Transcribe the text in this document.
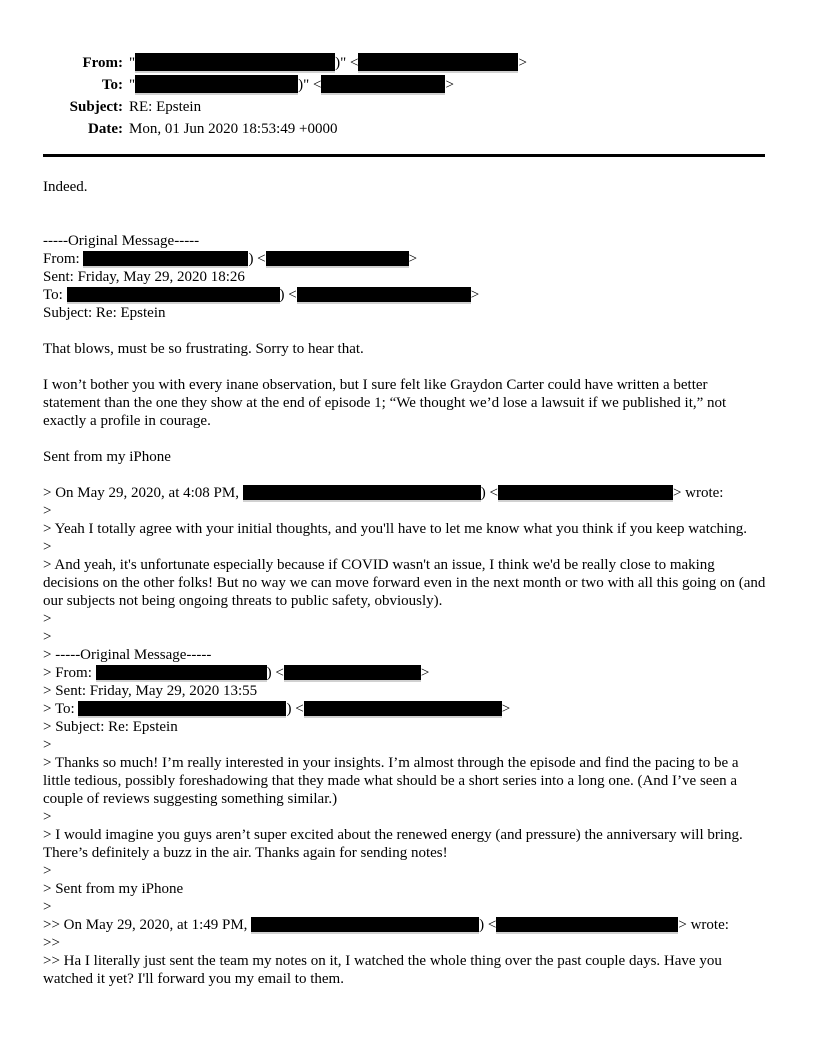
From: "	)" <	>
To: "	)" <	>
Subject: RE: Epstein
Date: Mon, 01 Jun 2020 18:53:49 +0000
Indeed.
-----Original Message-----
From:	) <	>
Sent: Friday, May 29, 2020 18:26
To:	) <	>
Subject: Re: Epstein
That blows, must be so frustrating. Sorry to hear that.
I won’t bother you with every inane observation, but I sure felt like Graydon Carter could have written a better statement than the one they show at the end of episode 1; “We thought we’d lose a lawsuit if we published it,” not exactly a profile in courage.
Sent from my iPhone
> On May 29, 2020, at 4:08 PM,	) <	> wrote:
>
> Yeah I totally agree with your initial thoughts, and you'll have to let me know what you think if you keep watching.
>
> And yeah, it's unfortunate especially because if COVID wasn't an issue, I think we'd be really close to making decisions on the other folks! But no way we can move forward even in the next month or two with all this going on (and our subjects not being ongoing threats to public safety, obviously).
>
>
> -----Original Message-----
> From:	) <	>
> Sent: Friday, May 29, 2020 13:55
> To:	) <	>
> Subject: Re: Epstein
>
> Thanks so much! I’m really interested in your insights. I’m almost through the episode and find the pacing to be a little tedious, possibly foreshadowing that they made what should be a short series into a long one. (And I’ve seen a couple of reviews suggesting something similar.)
>
> I would imagine you guys aren’t super excited about the renewed energy (and pressure) the anniversary will bring. There’s definitely a buzz in the air. Thanks again for sending notes!
>
> Sent from my iPhone
>
>> On May 29, 2020, at 1:49 PM,	) <	> wrote:
>>
>> Ha I literally just sent the team my notes on it, I watched the whole thing over the past couple days. Have you watched it yet? I'll forward you my email to them.
